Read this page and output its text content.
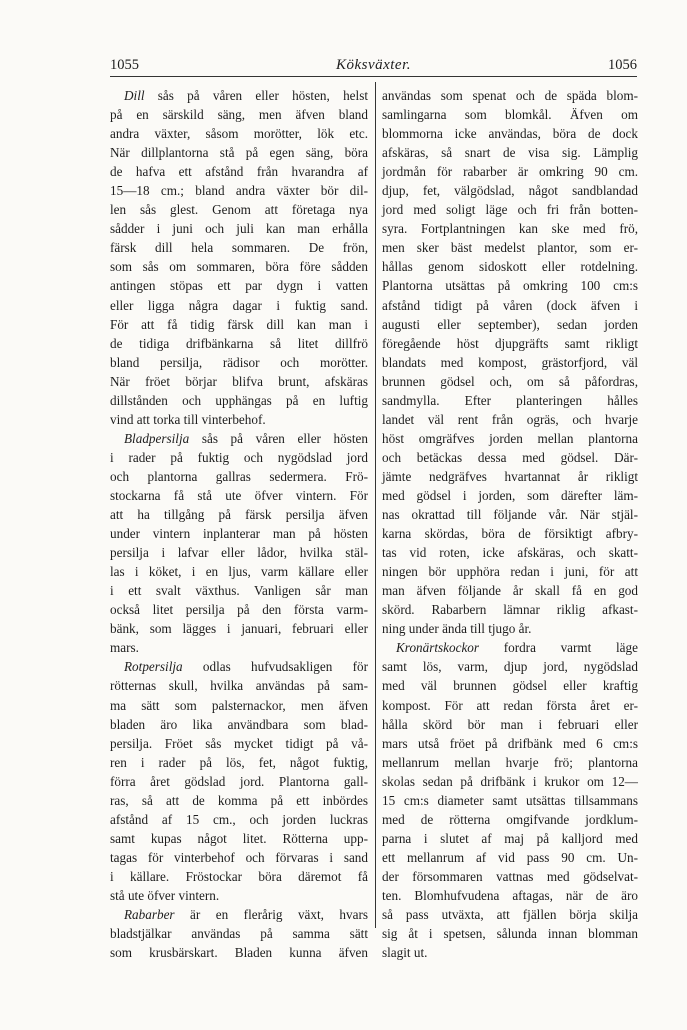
1055	Köksväxter.	1056
Dill sås på våren eller hösten, helst
på en särskild säng, men äfven bland
andra växter, såsom morötter, lök etc.
När dillplantorna stå på egen säng, böra
de hafva ett afstånd från hvarandra af
15—18 cm.; bland andra växter bör dil-
len sås glest. Genom att företaga nya
sådder i juni och juli kan man erhålla
färsk dill hela sommaren. De frön,
som sås om sommaren, böra före sådden
antingen stöpas ett par dygn i vatten
eller ligga några dagar i fuktig sand.
För att få tidig färsk dill kan man i
de tidiga drifbänkarna så litet dillfrö
bland persilja, rädisor och morötter.
När fröet börjar blifva brunt, afskäras
dillstånden och upphängas på en luftig
vind att torka till vinterbehof.
Bladpersilja sås på våren eller hösten
i rader på fuktig och nygödslad jord
och plantorna gallras sedermera. Frö-
stockarna få stå ute öfver vintern. För
att ha tillgång på färsk persilja äfven
under vintern inplanterar man på hösten
persilja i lafvar eller lådor, hvilka stäl-
las i köket, i en ljus, varm källare eller
i ett svalt växthus. Vanligen sår man
också litet persilja på den första varm-
bänk, som lägges i januari, februari eller
mars.
Rotpersilja odlas hufvudsakligen för
rötternas skull, hvilka användas på sam-
ma sätt som palsternackor, men äfven
bladen äro lika användbara som blad-
persilja. Fröet sås mycket tidigt på vå-
ren i rader på lös, fet, något fuktig,
förra året gödslad jord. Plantorna gall-
ras, så att de komma på ett inbördes
afstånd af 15 cm., och jorden luckras
samt kupas något litet. Rötterna upp-
tagas för vinterbehof och förvaras i sand
i källare. Fröstockar böra däremot få
stå ute öfver vintern.
Rabarber är en flerårig växt, hvars
bladstjälkar användas på samma sätt
som krusbärskart. Bladen kunna äfven
användas som spenat och de späda blom-
samlingarna som blomkål. Äfven om
blommorna icke användas, böra de dock
afskäras, så snart de visa sig. Lämplig
jordmån för rabarber är omkring 90 cm.
djup, fet, välgödslad, något sandblandad
jord med soligt läge och fri från botten-
syra. Fortplantningen kan ske med frö,
men sker bäst medelst plantor, som er-
hållas genom sidoskott eller rotdelning.
Plantorna utsättas på omkring 100 cm:s
afstånd tidigt på våren (dock äfven i
augusti eller september), sedan jorden
föregående höst djupgräfts samt rikligt
blandats med kompost, grästorfjord, väl
brunnen gödsel och, om så påfordras,
sandmylla. Efter planteringen hålles
landet väl rent från ogräs, och hvarje
höst omgräfves jorden mellan plantorna
och betäckas dessa med gödsel. Där-
jämte nedgräfves hvartannat år rikligt
med gödsel i jorden, som därefter läm-
nas okrattad till följande vår. När stjäl-
karna skördas, böra de försiktigt afbry-
tas vid roten, icke afskäras, och skatt-
ningen bör upphöra redan i juni, för att
man äfven följande år skall få en god
skörd. Rabarbern lämnar riklig afkast-
ning under ända till tjugo år.
Kronärtskockor fordra varmt läge
samt lös, varm, djup jord, nygödslad
med väl brunnen gödsel eller kraftig
kompost. För att redan första året er-
hålla skörd bör man i februari eller
mars utså fröet på drifbänk med 6 cm:s
mellanrum mellan hvarje frö; plantorna
skolas sedan på drifbänk i krukor om 12—
15 cm:s diameter samt utsättas tillsammans
med de rötterna omgifvande jordklum-
parna i slutet af maj på kalljord med
ett mellanrum af vid pass 90 cm. Un-
der försommaren vattnas med gödselvat-
ten. Blomhufvudena aftagas, när de äro
så pass utväxta, att fjällen börja skilja
sig åt i spetsen, sålunda innan blomman
slagit ut.
